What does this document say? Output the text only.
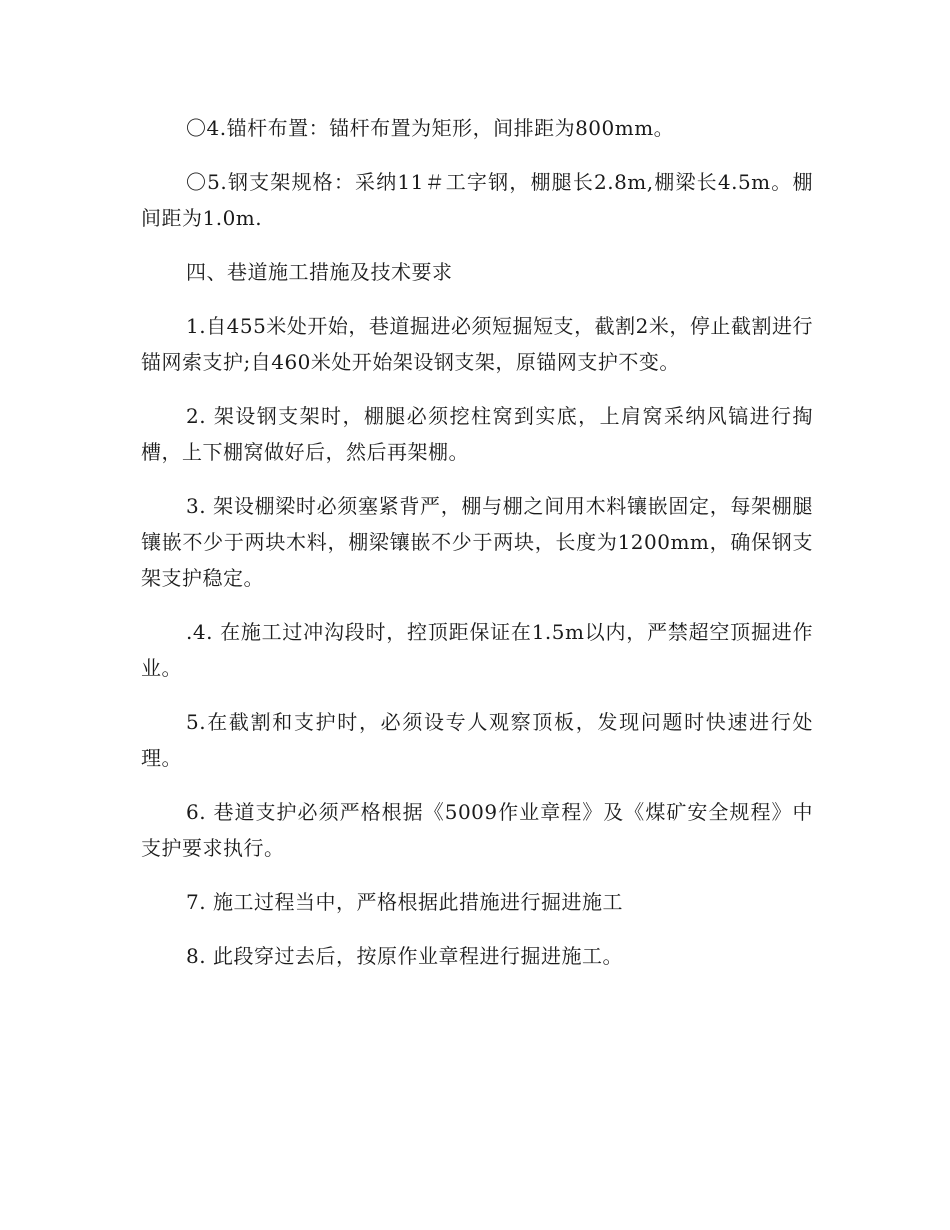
〇4.锚杆布置：锚杆布置为矩形，间排距为800mm。

〇5.钢支架规格：采纳11＃工字钢，棚腿长2.8m,棚梁长4.5m。棚间距为1.0m.

四、巷道施工措施及技术要求

1.自455米处开始，巷道掘进必须短掘短支，截割2米，停止截割进行锚网索支护;自460米处开始架设钢支架，原锚网支护不变。

2. 架设钢支架时，棚腿必须挖柱窝到实底，上肩窝采纳风镐进行掏槽，上下棚窝做好后，然后再架棚。

3. 架设棚梁时必须塞紧背严，棚与棚之间用木料镶嵌固定，每架棚腿镶嵌不少于两块木料，棚梁镶嵌不少于两块，长度为1200mm，确保钢支架支护稳定。

.4. 在施工过冲沟段时，控顶距保证在1.5m以内，严禁超空顶掘进作业。

5.在截割和支护时，必须设专人观察顶板，发现问题时快速进行处理。

6. 巷道支护必须严格根据《5009作业章程》及《煤矿安全规程》中支护要求执行。

7. 施工过程当中，严格根据此措施进行掘进施工

8. 此段穿过去后，按原作业章程进行掘进施工。
